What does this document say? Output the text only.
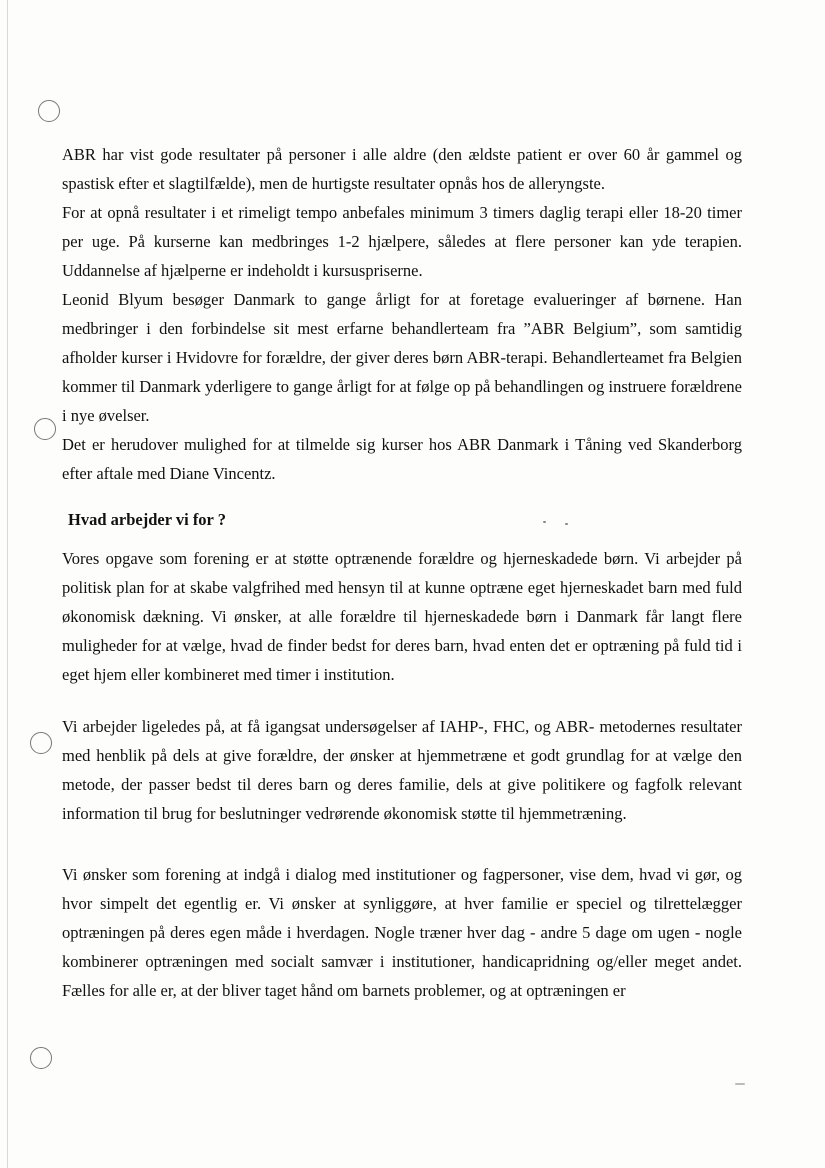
ABR har vist gode resultater på personer i alle aldre (den ældste patient er over 60 år gammel og spastisk efter et slagtilfælde), men de hurtigste resultater opnås hos de alleryngste.

For at opnå resultater i et rimeligt tempo anbefales minimum 3 timers daglig terapi eller 18-20 timer per uge. På kurserne kan medbringes 1-2 hjælpere, således at flere personer kan yde terapien. Uddannelse af hjælperne er indeholdt i kursuspriserne.

Leonid Blyum besøger Danmark to gange årligt for at foretage evalueringer af børnene. Han medbringer i den forbindelse sit mest erfarne behandlerteam fra ”ABR Belgium”, som samtidig afholder kurser i Hvidovre for forældre, der giver deres børn ABR-terapi. Behandlerteamet fra Belgien kommer til Danmark yderligere to gange årligt for at følge op på behandlingen og instruere forældrene i nye øvelser.

Det er herudover mulighed for at tilmelde sig kurser hos ABR Danmark i Tåning ved Skanderborg efter aftale med Diane Vincentz.

Hvad arbejder vi for ?

Vores opgave som forening er at støtte optrænende forældre og hjerneskadede børn. Vi arbejder på politisk plan for at skabe valgfrihed med hensyn til at kunne optræne eget hjerneskadet barn med fuld økonomisk dækning. Vi ønsker, at alle forældre til hjerneskadede børn i Danmark får langt flere muligheder for at vælge, hvad de finder bedst for deres barn, hvad enten det er optræning på fuld tid i eget hjem eller kombineret med timer i institution.

Vi arbejder ligeledes på, at få igangsat undersøgelser af IAHP-, FHC, og ABR- metodernes resultater med henblik på dels at give forældre, der ønsker at hjemmetræne et godt grundlag for at vælge den metode, der passer bedst til deres barn og deres familie, dels at give politikere og fagfolk relevant information til brug for beslutninger vedrørende økonomisk støtte til hjemmetræning.

Vi ønsker som forening at indgå i dialog med institutioner og fagpersoner, vise dem, hvad vi gør, og hvor simpelt det egentlig er. Vi ønsker at synliggøre, at hver familie er speciel og tilrettelægger optræningen på deres egen måde i hverdagen. Nogle træner hver dag - andre 5 dage om ugen - nogle kombinerer optræningen med socialt samvær i institutioner, handicapridning og/eller meget andet. Fælles for alle er, at der bliver taget hånd om barnets problemer, og at optræningen er
